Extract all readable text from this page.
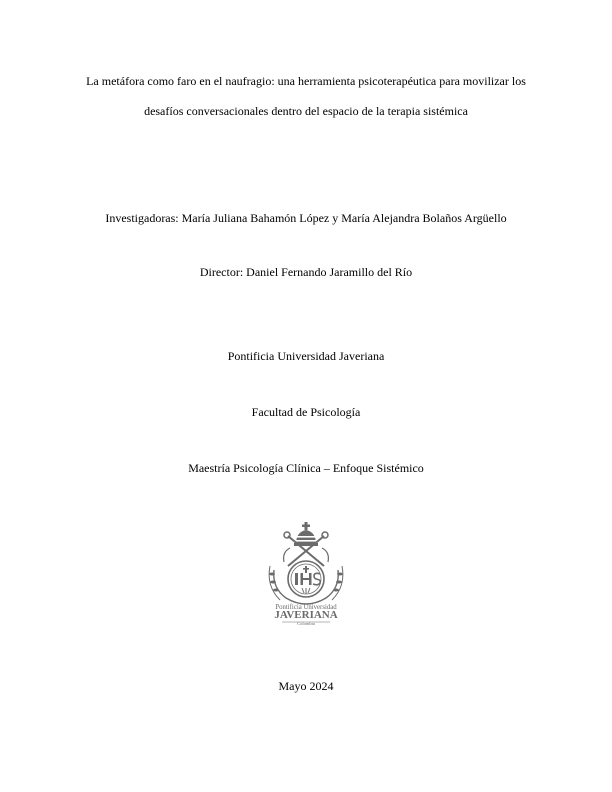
La metáfora como faro en el naufragio: una herramienta psicoterapéutica para movilizar los
desafíos conversacionales dentro del espacio de la terapia sistémica
Investigadoras: María Juliana Bahamón López y María Alejandra Bolaños Argüello
Director: Daniel Fernando Jaramillo del Río
Pontificia Universidad Javeriana
Facultad de Psicología
Maestría Psicología Clínica – Enfoque Sistémico
Pontificia Universidad
JAVERIANA
Colombia
Mayo 2024
